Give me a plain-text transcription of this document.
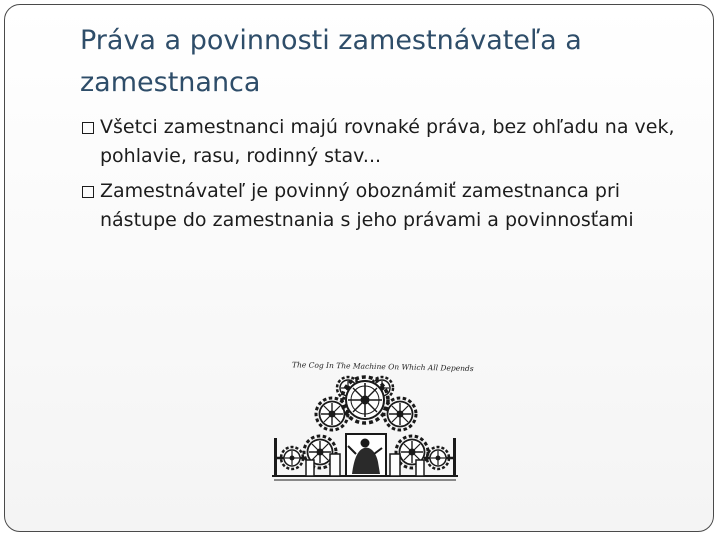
Práva a povinnosti zamestnávateľa a zamestnanca
Všetci zamestnanci majú rovnaké práva, bez ohľadu na vek, pohlavie, rasu, rodinný stav...
Zamestnávateľ je povinný oboznámiť zamestnanca pri nástupe do zamestnania s jeho právami a povinnosťami
The Cog In The Machine On Which All Depends
